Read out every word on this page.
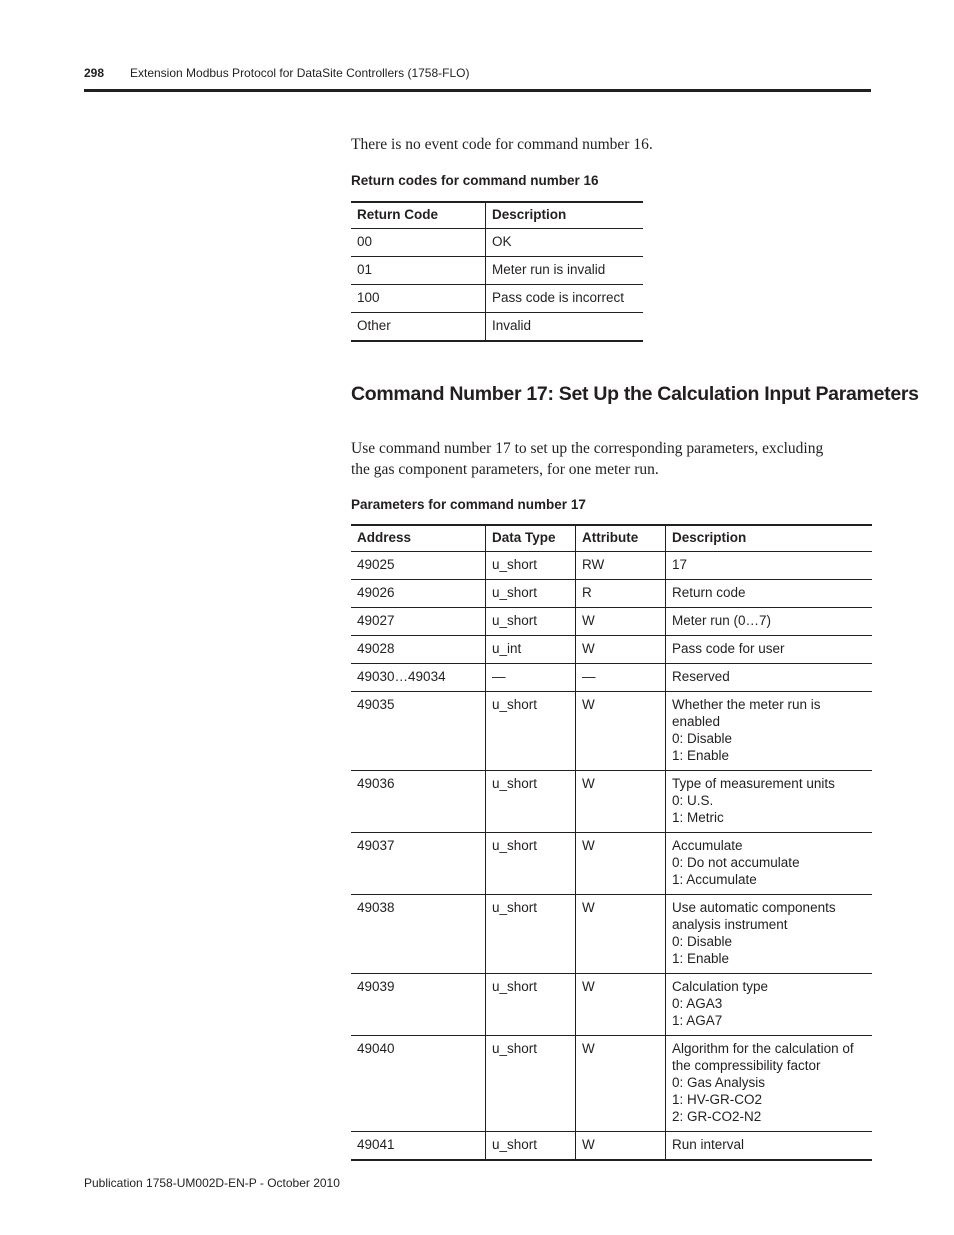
298 Extension Modbus Protocol for DataSite Controllers (1758-FLO)
There is no event code for command number 16.
Return codes for command number 16
Return Code	Description
00	OK
01	Meter run is invalid
100	Pass code is incorrect
Other	Invalid
Command Number 17: Set Up the Calculation Input Parameters
Use command number 17 to set up the corresponding parameters, excluding
the gas component parameters, for one meter run.
Parameters for command number 17
Address	Data Type	Attribute	Description
49025	u_short	RW	17

49026	u_short	R	Return code

49027	u_short	W	Meter run (0…7)

49028	u_int	W	Pass code for user

49030…49034	—	—	Reserved

49035	u_short	W	Whether the meter run is enabled
0: Disable
1: Enable

49036	u_short	W	Type of measurement units
0: U.S.
1: Metric

49037	u_short	W	Accumulate
0: Do not accumulate
1: Accumulate

49038	u_short	W	Use automatic components
analysis instrument
0: Disable
1: Enable

49039	u_short	W	Calculation type
0: AGA3
1: AGA7

49040	u_short	W	Algorithm for the calculation of
the compressibility factor
0: Gas Analysis
1: HV-GR-CO2
2: GR-CO2-N2

49041	u_short	W	Run interval
Publication 1758-UM002D-EN-P - October 2010
